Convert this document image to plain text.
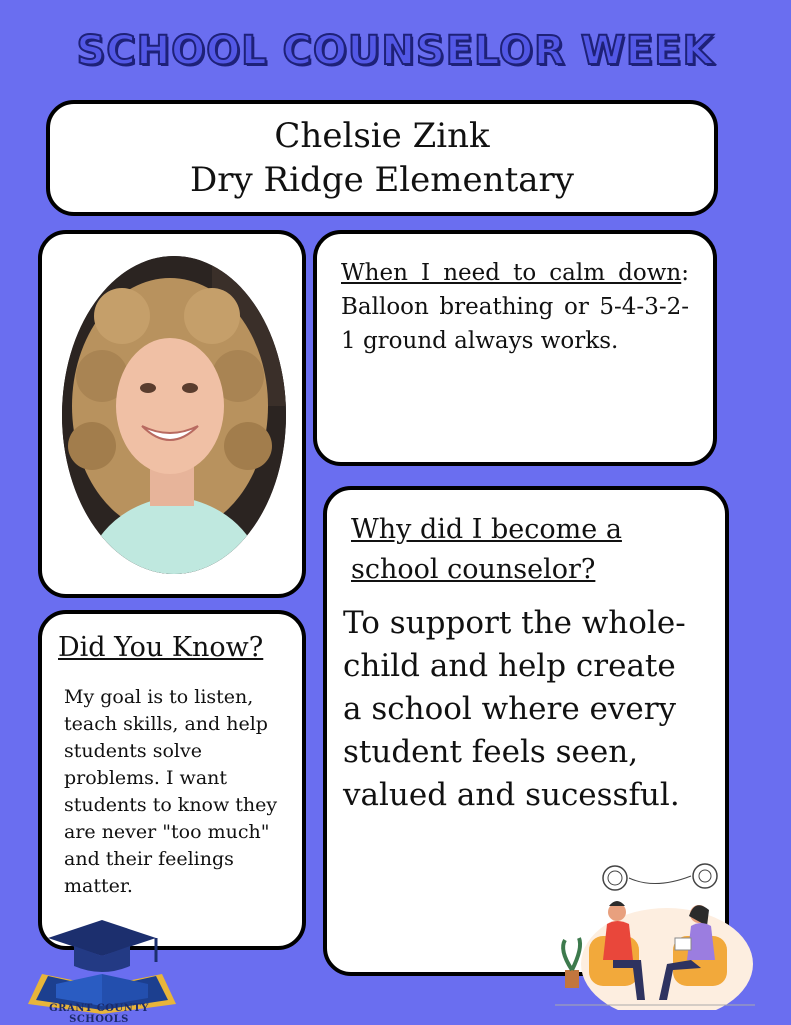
SCHOOL COUNSELOR WEEK
Chelsie Zink
Dry Ridge Elementary
When I need to calm down: Balloon breathing or 5-4-3-2-1 ground always works.
Why did I become a
school counselor?
To support the whole-child and help create a school where every student feels seen, valued and sucessful.
Did You Know?
My goal is to listen, teach skills, and help students solve problems. I want students to know they are never "too much" and their feelings matter.
GRANT COUNTY SCHOOLS
